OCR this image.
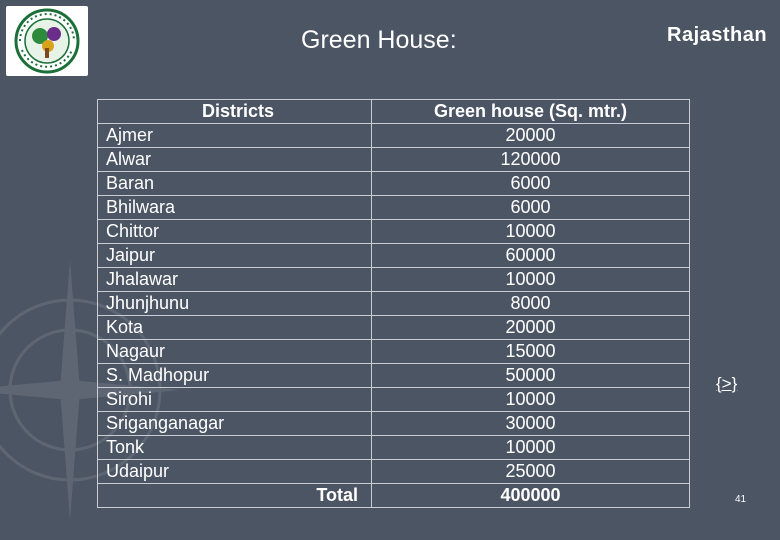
Green House:	Rajasthan
Districts	Green house (Sq. mtr.)
Ajmer	20000
Alwar	120000
Baran	6000
Bhilwara	6000
Chittor	10000
Jaipur	60000
Jhalawar	10000
Jhunjhunu	8000
Kota	20000
Nagaur	15000
S. Madhopur	50000
Sirohi	10000
Sriganganagar	30000
Tonk	10000
Udaipur	25000
Total	400000
{>}
41
